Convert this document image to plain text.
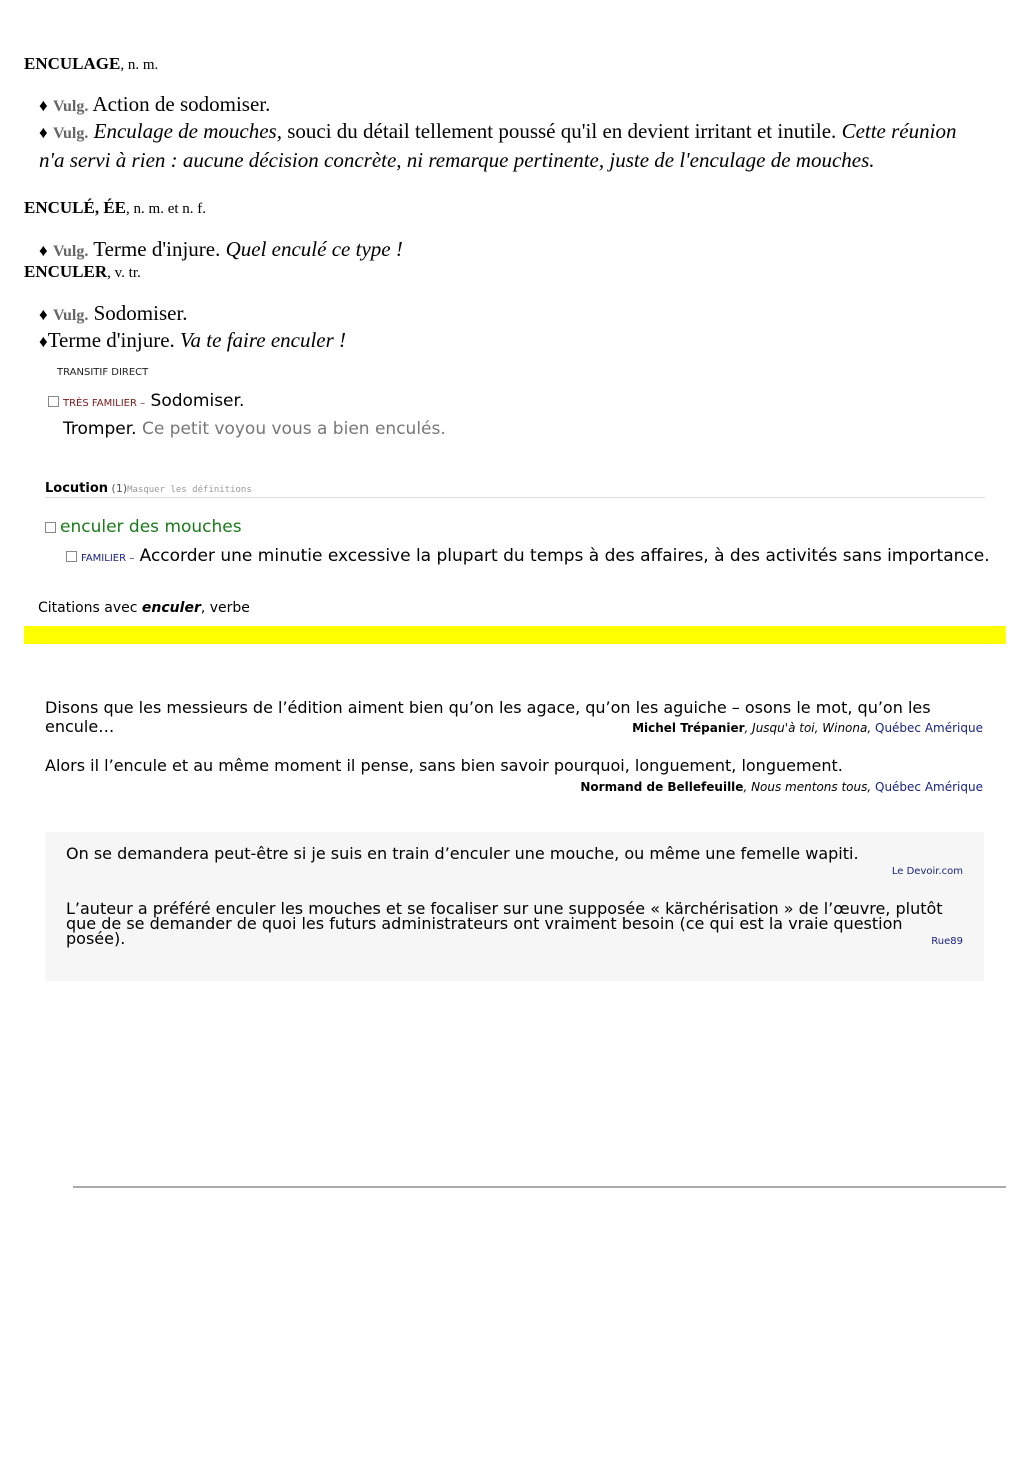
ENCULAGE, n. m.
♦ Vulg. Action de sodomiser.
♦ Vulg. Enculage de mouches, souci du détail tellement poussé qu'il en devient irritant et inutile. Cette réunion n'a servi à rien : aucune décision concrète, ni remarque pertinente, juste de l'enculage de mouches.
ENCULÉ, ÉE, n. m. et n. f.
♦ Vulg. Terme d'injure. Quel enculé ce type !
ENCULER, v. tr.
♦ Vulg. Sodomiser.
♦Terme d'injure. Va te faire enculer !
TRANSITIF DIRECT
TRÈS FAMILIER – Sodomiser.
Tromper. Ce petit voyou vous a bien enculés.
Locution (1)Masquer les définitions
enculer des mouches
FAMILIER – Accorder une minutie excessive la plupart du temps à des affaires, à des activités sans importance.
Citations avec enculer, verbe
Disons que les messieurs de l’édition aiment bien qu’on les agace, qu’on les aguiche – osons le mot, qu’on les encule…	Michel Trépanier, Jusqu'à toi, Winona, Québec Amérique
Alors il l’encule et au même moment il pense, sans bien savoir pourquoi, longuement, longuement.
Normand de Bellefeuille, Nous mentons tous, Québec Amérique
On se demandera peut-être si je suis en train d’enculer une mouche, ou même une femelle wapiti.
Le Devoir.com
L’auteur a préféré enculer les mouches et se focaliser sur une supposée « kärchérisation » de l’œuvre, plutôt que de se demander de quoi les futurs administrateurs ont vraiment besoin (ce qui est la vraie question posée).	Rue89
